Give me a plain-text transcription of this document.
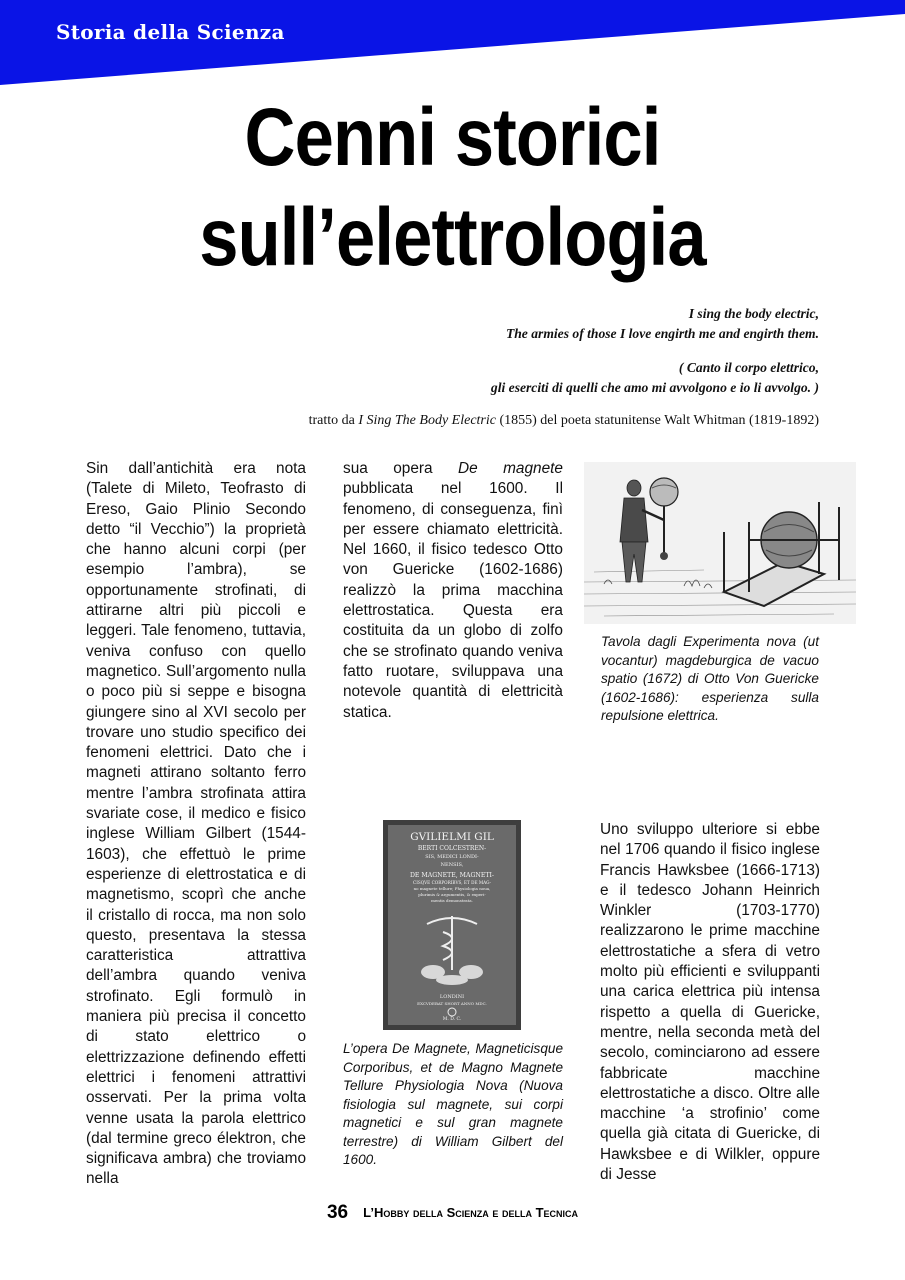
Storia della Scienza
Cenni storici
sull’elettrologia

I sing the body electric,

The armies of those I love engirth me and engirth them.

( Canto il corpo elettrico,

gli eserciti di quelli che amo mi avvolgono e io li avvolgo. )

tratto da I Sing The Body Electric (1855) del poeta statunitense Walt Whitman (1819-1892)

Sin dall’antichità era nota (Talete di Mileto, Teofrasto di Ereso, Gaio Plinio Secondo detto “il Vecchio”) la proprietà che hanno alcuni corpi (per esempio l’ambra), se opportunamente strofinati, di attirarne altri più piccoli e leggeri. Tale fenomeno, tuttavia, veniva confuso con quello magnetico. Sull’argomento nulla o poco più si seppe e bisogna giungere sino al XVI secolo per trovare uno studio specifico dei fenomeni elettrici. Dato che i magneti attirano soltanto ferro mentre l’ambra strofinata attira svariate cose, il medico e fisico inglese William Gilbert (1544-1603), che effettuò le prime esperienze di elettrostatica e di magnetismo, scoprì che anche il cristallo di rocca, ma non solo questo, presentava la stessa caratteristica attrattiva dell’ambra quando veniva strofinato. Egli formulò in maniera più precisa il concetto di stato elettrico o elettrizzazione definendo effetti elettrici i fenomeni attrattivi osservati. Per la prima volta venne usata la parola elettrico (dal termine greco élektron, che significava ambra) che troviamo nella

sua opera De magnete pubblicata nel 1600. Il fenomeno, di conseguenza, finì per essere chiamato elettricità. Nel 1660, il fisico tedesco Otto von Guericke (1602-1686) realizzò la prima macchina elettrostatica. Questa era costituita da un globo di zolfo che se strofinato quando veniva fatto ruotare, sviluppava una notevole quantità di elettricità statica.

Uno sviluppo ulteriore si ebbe nel 1706 quando il fisico inglese Francis Hawksbee (1666-1713) e il tedesco Johann Heinrich Winkler (1703-1770) realizzarono le prime macchine elettrostatiche a sfera di vetro molto più efficienti e sviluppanti una carica elettrica più intensa rispetto a quella di Guericke, mentre, nella seconda metà del secolo, cominciarono ad essere fabbricate macchine elettrostatiche a disco. Oltre alle macchine ‘a strofinio’ come quella già citata di Guericke, di Hawksbee e di Wilkler, oppure di Jesse

Tavola dagli Experimenta nova (ut vocantur) magdeburgica de vacuo spatio (1672) di Otto Von Guericke (1602-1686): esperienza sulla repulsione elettrica.
GVILIELMI GIL
BERTI COLCESTREN-
SIS, MEDICI LONDI-
NENSIS,
DE MAGNETE, MAGNETI-
CISQVE CORPORIBVS, ET DE MAG-
no magnete tellure; Physiologia noua,
plurimis & argumentis, & experi-
mentis demonstrata.
LONDINI
EXCVDEBAT SHORT ANNO MDC.
M. D. C.
L’opera De Magnete, Magneticisque Corporibus, et de Magno Magnete Tellure Physiologia Nova (Nuova fisiologia sul magnete, sui corpi magnetici e sul gran magnete terrestre) di William Gilbert del 1600.
36 L’Hobby della Scienza e della Tecnica
